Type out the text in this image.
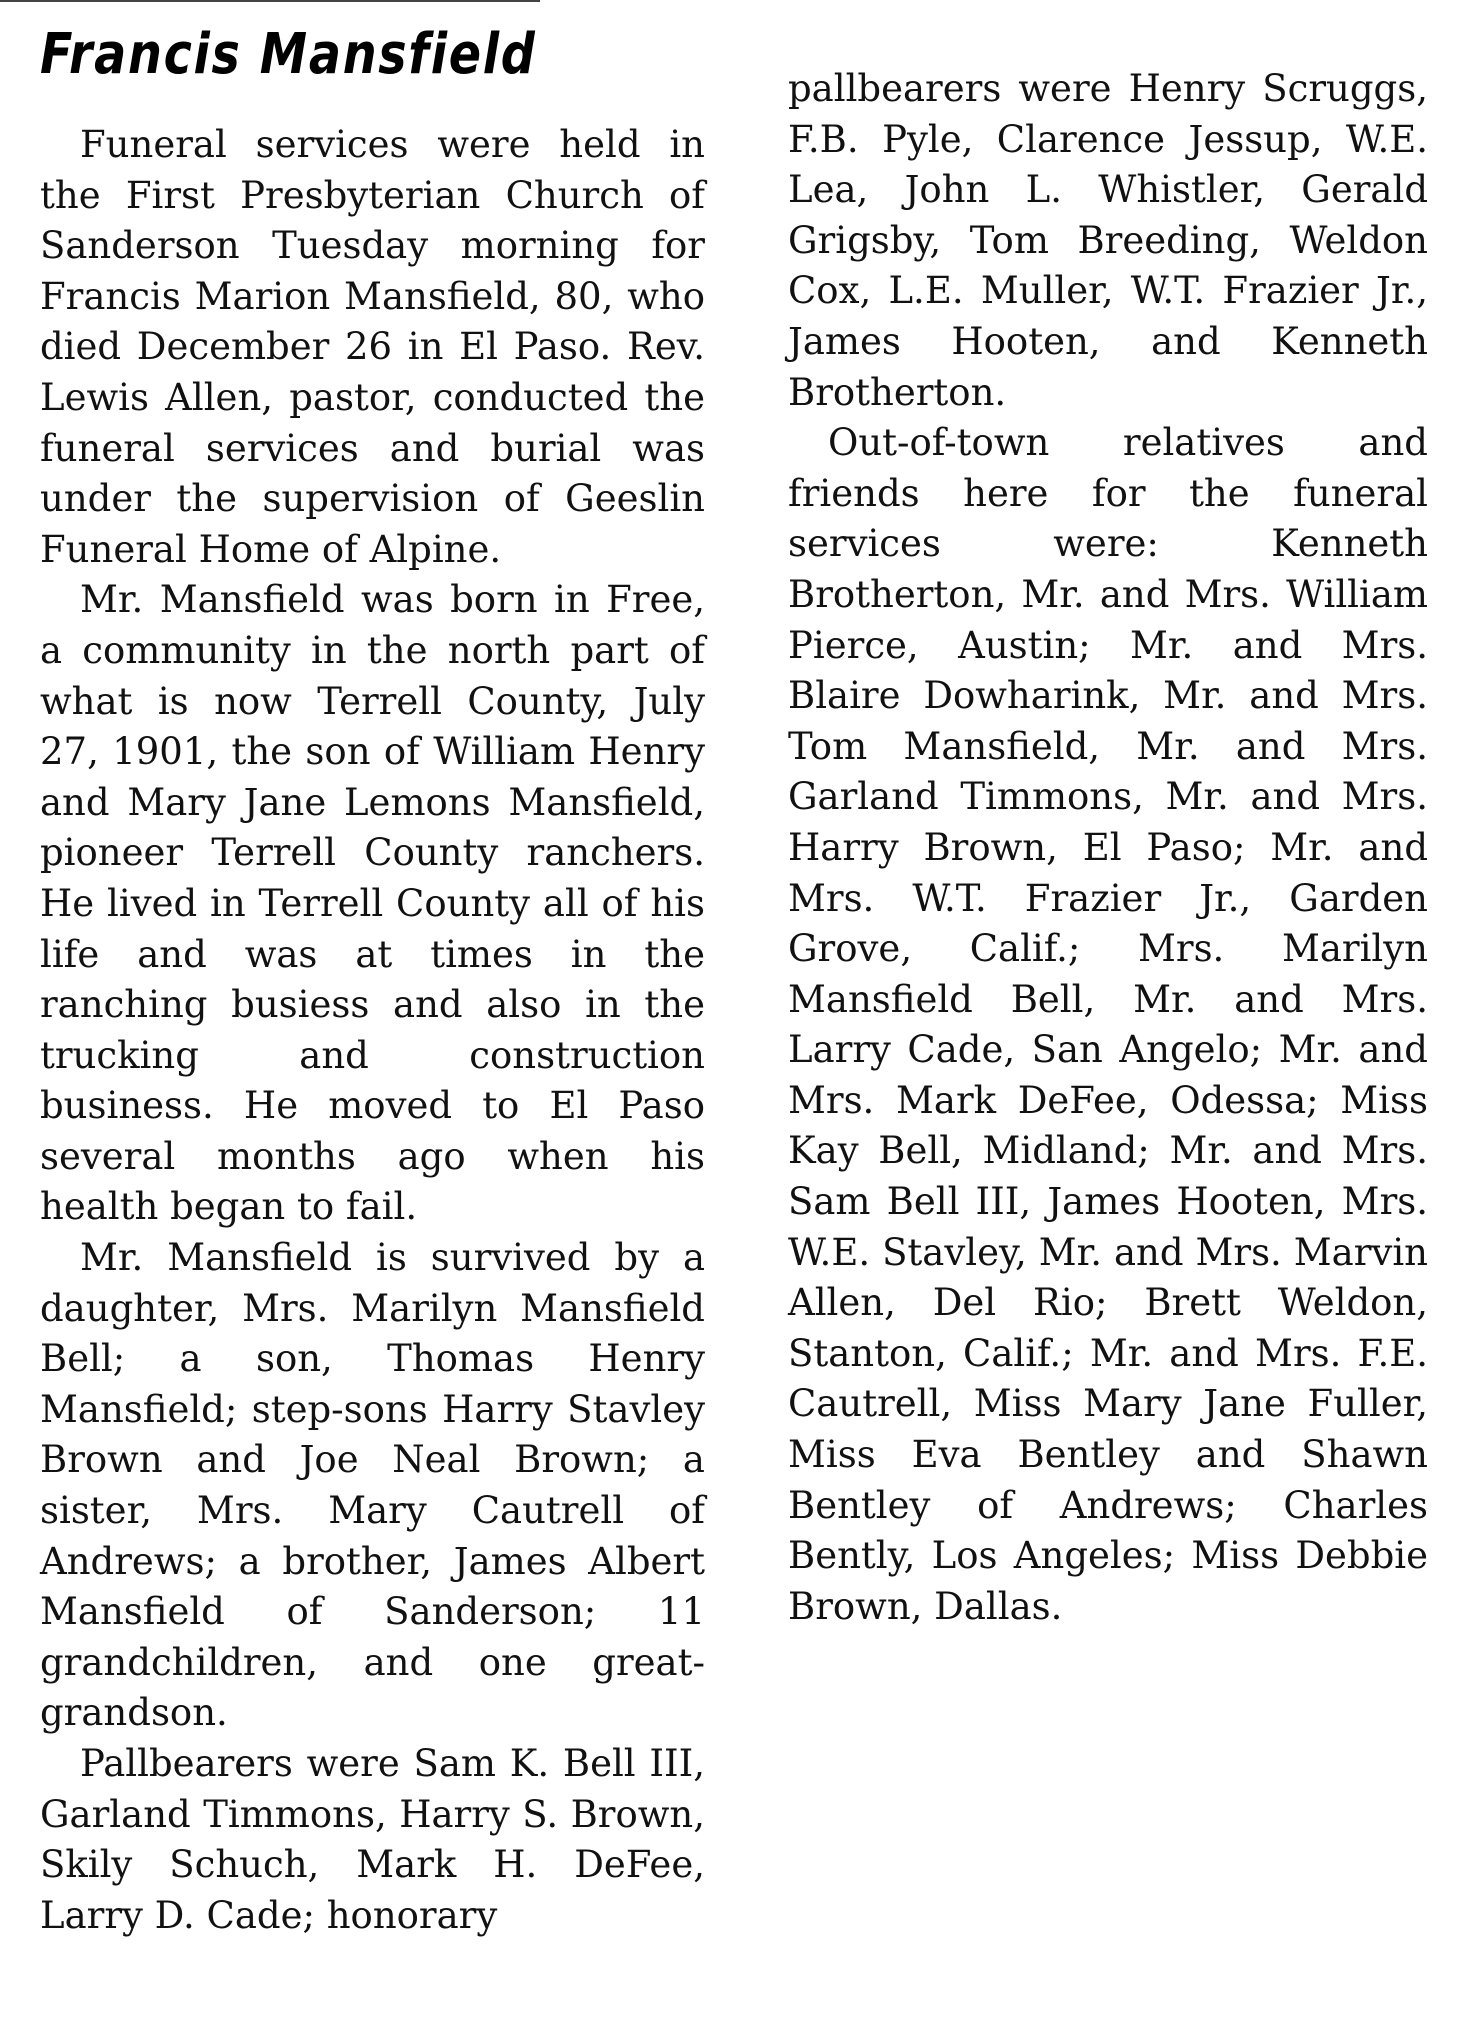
Francis Mansfield

Funeral services were held in the First Presbyterian Church of Sanderson Tuesday morning for Francis Marion Mansfield, 80, who died December 26 in El Paso. Rev. Lewis Allen, pastor, conducted the funeral services and burial was under the supervision of Geeslin Funeral Home of Alpine.

Mr. Mansfield was born in Free, a community in the north part of what is now Terrell County, July 27, 1901, the son of William Henry and Mary Jane Lemons Mansfield, pioneer Terrell County ranchers. He lived in Terrell County all of his life and was at times in the ranching busiess and also in the trucking and construction business. He moved to El Paso several months ago when his health began to fail.

Mr. Mansfield is survived by a daughter, Mrs. Marilyn Mansfield Bell; a son, Thomas Henry Mansfield; step-sons Harry Stavley Brown and Joe Neal Brown; a sister, Mrs. Mary Cautrell of Andrews; a brother, James Albert Mansfield of Sanderson; 11 grandchildren, and one great-grandson.

Pallbearers were Sam K. Bell III, Garland Timmons, Harry S. Brown, Skily Schuch, Mark H. DeFee, Larry D. Cade; honorary

pallbearers were Henry Scruggs, F.B. Pyle, Clarence Jessup, W.E. Lea, John L. Whistler, Gerald Grigsby, Tom Breeding, Weldon Cox, L.E. Muller, W.T. Frazier Jr., James Hooten, and Kenneth Brotherton.

Out-of-town relatives and friends here for the funeral services were: Kenneth Brotherton, Mr. and Mrs. William Pierce, Austin; Mr. and Mrs. Blaire Dowharink, Mr. and Mrs. Tom Mansfield, Mr. and Mrs. Garland Timmons, Mr. and Mrs. Harry Brown, El Paso; Mr. and Mrs. W.T. Frazier Jr., Garden Grove, Calif.; Mrs. Marilyn Mansfield Bell, Mr. and Mrs. Larry Cade, San Angelo; Mr. and Mrs. Mark DeFee, Odessa; Miss Kay Bell, Midland; Mr. and Mrs. Sam Bell III, James Hooten, Mrs. W.E. Stavley, Mr. and Mrs. Marvin Allen, Del Rio; Brett Weldon, Stanton, Calif.; Mr. and Mrs. F.E. Cautrell, Miss Mary Jane Fuller, Miss Eva Bentley and Shawn Bentley of Andrews; Charles Bently, Los Angeles; Miss Debbie Brown, Dallas.
